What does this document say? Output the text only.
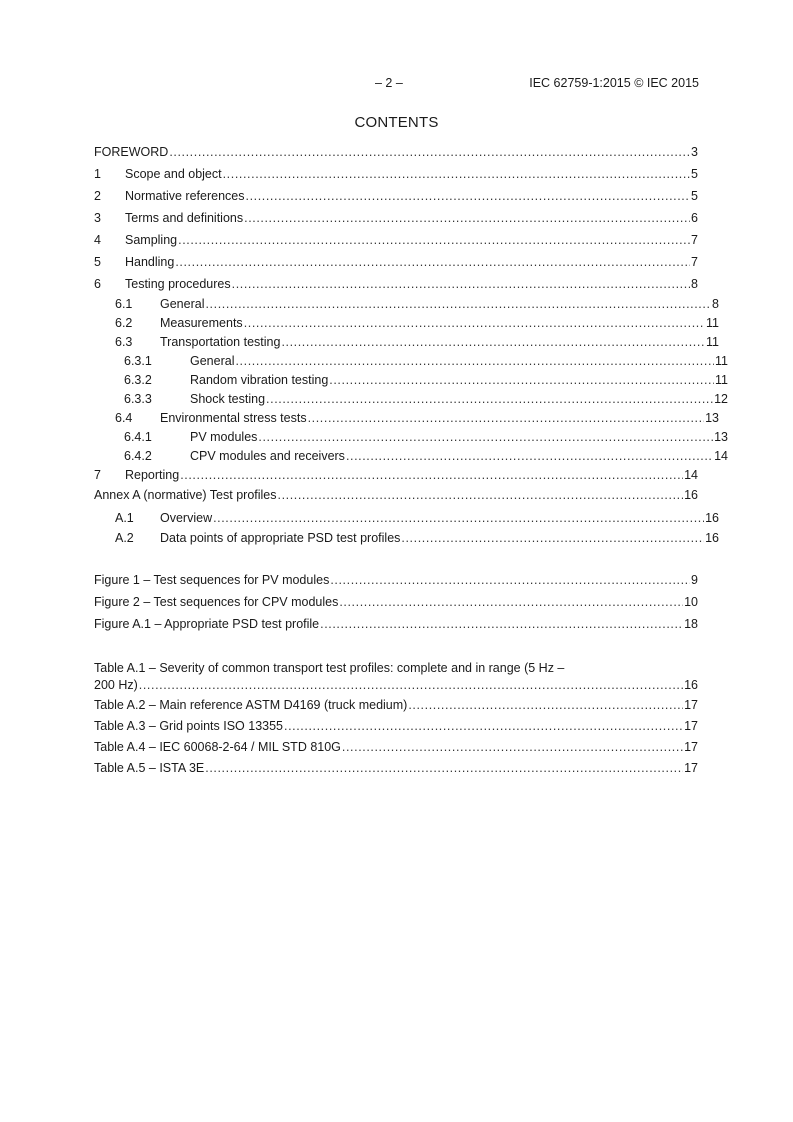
– 2 –	IEC 62759-1:2015 © IEC 2015
CONTENTS
FOREWORD .....	3
1	Scope and object .....	5
2	Normative references .....	5
3	Terms and definitions .....	6
4	Sampling .....	7
5	Handling .....	7
6	Testing procedures .....	8
6.1	General .....	8
6.2	Measurements .....	11
6.3	Transportation testing .....	11
6.3.1	General .....	11
6.3.2	Random vibration testing .....	11
6.3.3	Shock testing .....	12
6.4	Environmental stress tests .....	13
6.4.1	PV modules .....	13
6.4.2	CPV modules and receivers .....	14
7	Reporting .....	14
Annex A (normative) Test profiles .....	16
A.1	Overview .....	16
A.2	Data points of appropriate PSD test profiles .....	16
Figure 1 – Test sequences for PV modules .....	9
Figure 2 – Test sequences for CPV modules .....	10
Figure A.1 – Appropriate PSD test profile .....	18
Table A.1 – Severity of common transport test profiles: complete and in range (5 Hz –
200 Hz) .....	16
Table A.2 – Main reference ASTM D4169 (truck medium) .....	17
Table A.3 – Grid points ISO 13355 .....	17
Table A.4 – IEC 60068-2-64 / MIL STD 810G .....	17
Table A.5 – ISTA 3E .....	17
